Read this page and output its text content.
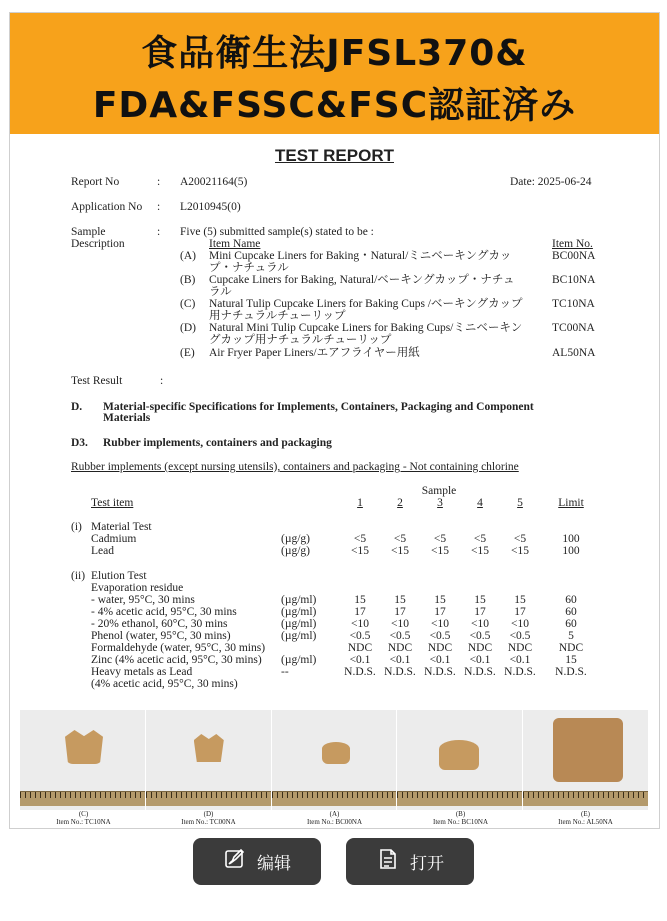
食品衛生法JFSL370&
FDA&FSSC&FSC認証済み
TEST REPORT
Report No	: A20021164(5)	Date: 2025-06-24
Application No : L2010945(0)
Sample
Description
: Five (5) submitted sample(s) stated to be :
Item Name	Item No.
(A) Mini Cupcake Liners for Baking・Natural/ミニベーキングカッ
プ・ナチュラル
BC00NA
(B) Cupcake Liners for Baking, Natural/ベーキングカップ・ナチュ
ラル
BC10NA
(C) Natural Tulip Cupcake Liners for Baking Cups /ベーキングカップ
用ナチュラルチューリップ
TC10NA
(D) Natural Mini Tulip Cupcake Liners for Baking Cups/ミニベーキン
グカップ用ナチュラルチューリップ
TC00NA
(E) Air Fryer Paper Liners/エアフライヤー用紙	AL50NA
Test Result	:
D. Material-specific Specifications for Implements, Containers, Packaging and Component
Materials
D3. Rubber implements, containers and packaging
Rubber implements (except nursing utensils), containers and packaging - Not containing chlorine
Sample
Test item	1	2	3	4	5	Limit
(i) Material Test
Cadmium	(µg/g)	<5	<5	<5	<5	<5	100
Lead	(µg/g)	<15	<15	<15	<15	<15	100
(ii) Elution Test
Evaporation residue
- water, 95°C, 30 mins	(µg/ml)	15	15	15	15	15	60
- 4% acetic acid, 95°C, 30 mins	(µg/ml)	17	17	17	17	17	60
- 20% ethanol, 60°C, 30 mins	(µg/ml)	<10	<10	<10	<10	<10	60
Phenol (water, 95°C, 30 mins)	(µg/ml)	<0.5	<0.5	<0.5	<0.5	<0.5	5
Formaldehyde (water, 95°C, 30 mins)	NDC	NDC	NDC	NDC	NDC	NDC
Zinc (4% acetic acid, 95°C, 30 mins) (µg/ml)	<0.1	<0.1	<0.1	<0.1	<0.1	15
Heavy metals as Lead	--	N.D.S. N.D.S. N.D.S. N.D.S. N.D.S.	N.D.S.
(4% acetic acid, 95°C, 30 mins)
(C)
Item No.: TC10NA
(D)
Item No.: TC00NA
(A)
Item No.: BC00NA
(B)
Item No.: BC10NA
(E)
Item No.: AL50NA
编辑	打开
